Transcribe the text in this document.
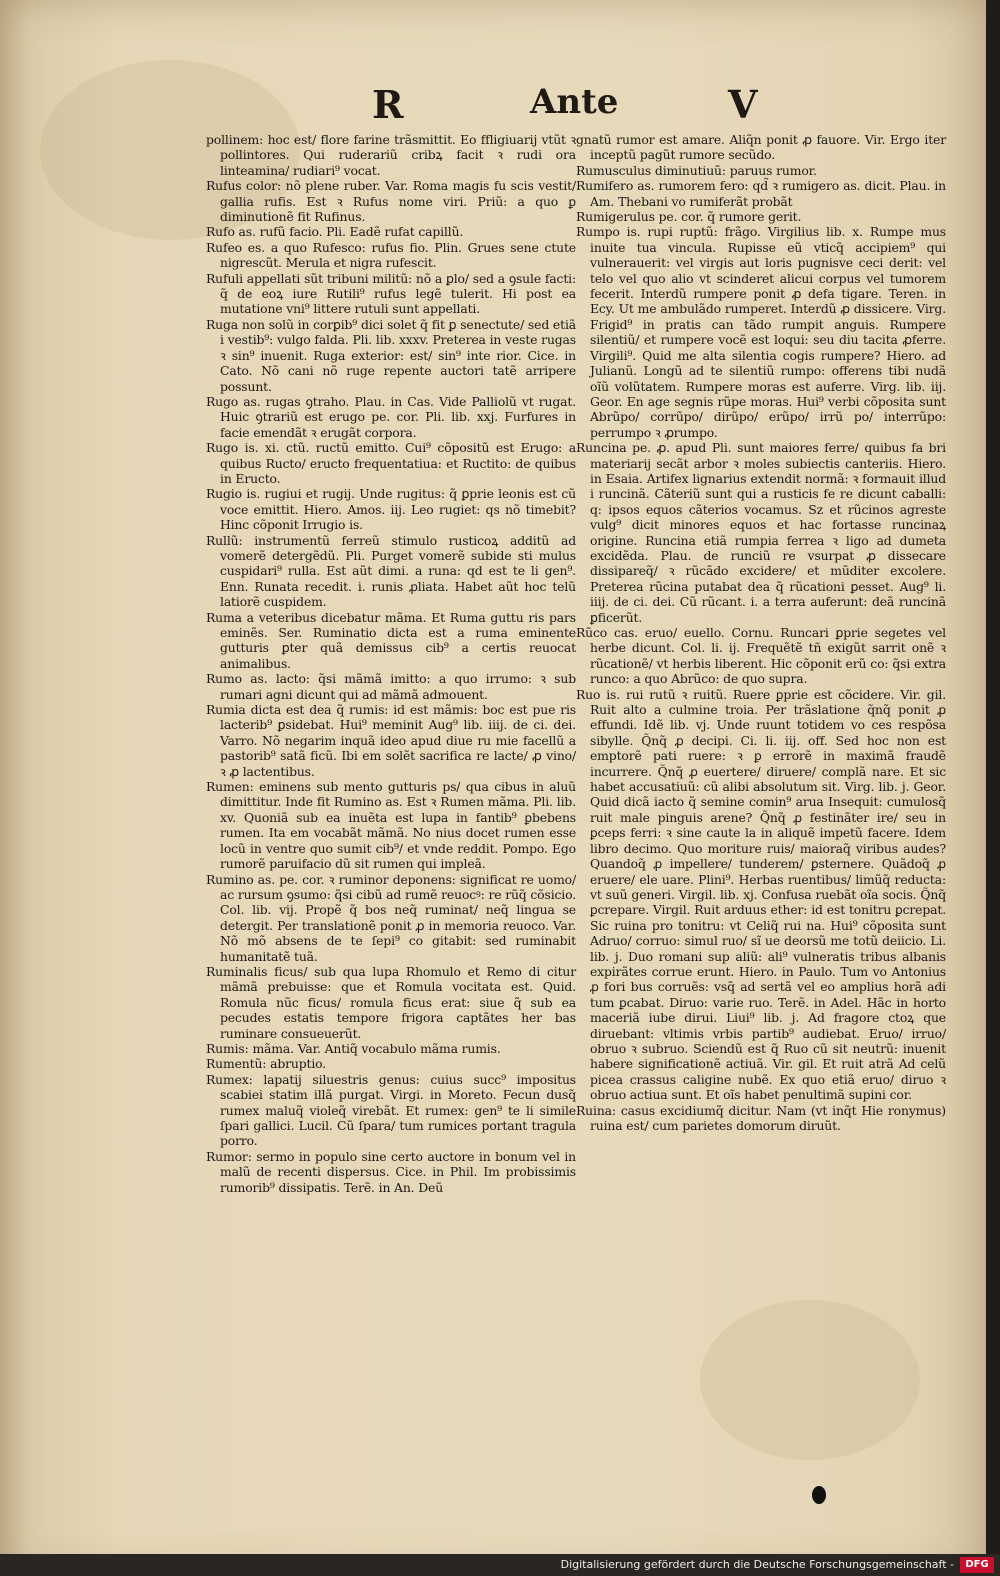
R	Ante	V

pollinem: hoc est/ flore farine trãsmittit. Eo ffligiuarij vtũt ꝛ pollintores. Qui ruderariũ cribꝝ facit ꝛ rudi ora linteamina/ rudiari⁹ vocat.

Rufus color: nõ plene ruber. Var. Roma magis fu scis vestit/ gallia rufis. Est ꝛ Rufus nome viri. Priũ: a quo ꝑ diminutionẽ fit Rufinus.

Rufo as. rufũ facio. Pli. Eadẽ rufat capillũ.

Rufeo es. a quo Rufesco: rufus fio. Plin. Grues sene ctute nigrescũt. Merula et nigra rufescit.

Rufuli appellati sũt tribuni militũ: nõ a ꝑlo/ sed a ꝯsule facti: q̃ de eoꝝ iure Rutili⁹ rufus legẽ tulerit. Hi post ea mutatione vni⁹ littere rutuli sunt appellati.

Ruga non solũ in corꝑib⁹ dici solet q̃ fit ꝑ senectute/ sed etiã i vestib⁹: vulgo falda. Pli. lib. xxxv. Preterea in veste rugas ꝛ sin⁹ inuenit. Ruga exterior: est/ sin⁹ inte rior. Cice. in Cato. Nõ cani nõ ruge repente auctori tatẽ arripere possunt.

Rugo as. rugas ꝯtraho. Plau. in Cas. Vide Palliolũ vt rugat. Huic ꝯtrariũ est erugo pe. cor. Pli. lib. xxj. Furfures in facie emendãt ꝛ erugãt corpora.

Rugo is. xi. ctũ. ructũ emitto. Cui⁹ cõpositũ est Erugo: a quibus Ructo/ eructo frequentatiua: et Ructito: de quibus in Eructo.

Rugio is. rugiui et rugij. Unde rugitus: q̃ ꝑprie leonis est cũ voce emittit. Hiero. Amos. iij. Leo rugiet: qs nõ timebit? Hinc cõponit Irrugio is.

Rullũ: instrumentũ ferreũ stimulo rusticoꝝ additũ ad vomerẽ detergẽdũ. Pli. Purget vomerẽ subide sti mulus cuspidari⁹ rulla. Est aũt dimi. a runa: qd est te li gen⁹. Enn. Runata recedit. i. runis ꝓliata. Habet aũt hoc telũ latiorẽ cuspidem.

Ruma a veteribus dicebatur mãma. Et Ruma guttu ris pars eminẽs. Ser. Ruminatio dicta est a ruma eminente gutturis ꝑter quã demissus cib⁹ a certis reuocat animalibus.

Rumo as. lacto: q̃si mãmã imitto: a quo irrumo: ꝛ sub rumari agni dicunt qui ad mãmã admouent.

Rumia dicta est dea q̃ rumis: id est mãmis: boc est pue ris lacterib⁹ ꝑsidebat. Hui⁹ meminit Aug⁹ lib. iiij. de ci. dei. Varro. Nõ negarim inquã ideo apud diue ru mie facellũ a pastorib⁹ satã ficũ. Ibi em solẽt sacrifica re lacte/ ꝓ vino/ ꝛ ꝓ lactentibus.

Rumen: eminens sub mento gutturis ps/ qua cibus in aluũ dimittitur. Inde fit Rumino as. Est ꝛ Rumen mãma. Pli. lib. xv. Quoniã sub ea inuẽta est lupa in fantib⁹ ꝑbebens rumen. Ita em vocabãt mãmã. No nius docet rumen esse locũ in ventre quo sumit cib⁹/ et vnde reddit. Pompo. Ego rumorẽ paruifacio dũ sit rumen qui impleã.

Rumino as. pe. cor. ꝛ ruminor deponens: significat re uomo/ ac rursum ꝯsumo: q̃si cibũ ad rumẽ reuocꝰ: re rũq̃ cõsicio. Col. lib. vij. Propẽ q̃ bos neq̃ ruminat/ neq̃ lingua se detergit. Per translationẽ ponit ꝓ in memoria reuoco. Var. Nõ mõ absens de te ſepi⁹ co gitabit: sed ruminabit humanitatẽ tuã.

Ruminalis ficus/ sub qua lupa Rhomulo et Remo di citur mãmã prebuisse: que et Romula vocitata est. Quid. Romula nũc ficus/ romula ficus erat: siue q̃ sub ea pecudes estatis tempore frigora captãtes her bas ruminare consueuerũt.

Rumis: mãma. Var. Antiq̃ vocabulo mãma rumis.

Rumentũ: abruptio.

Rumex: lapatij siluestris genus: cuius succ⁹ impositus scabiei statim illã purgat. Virgi. in Moreto. Fecun dusq̃ rumex maluq̃ violeq̃ virebãt. Et rumex: gen⁹ te li simile ſpari gallici. Lucil. Cũ ſpara/ tum rumices portant tragula porro.

Rumor: sermo in populo sine certo auctore in bonum vel in malũ de recenti dispersus. Cice. in Phil. Im probissimis rumorib⁹ dissipatis. Terẽ. in An. Deũ

gnatũ rumor est amare. Aliq̃n ponit ꝓ fauore. Vir. Ergo iter inceptũ pagũt rumore secũdo.

Rumusculus diminutiuũ: paruus rumor.

Rumifero as. rumorem fero: qd̃ ꝛ rumigero as. dicit. Plau. in Am. Thebani vo rumiferãt probãt

Rumigerulus pe. cor. q̃ rumore gerit.

Rumpo is. rupi ruptũ: frãgo. Virgilius lib. x. Rumpe mus inuite tua vincula. Rupisse eũ vticq̃ accipiem⁹ qui vulnerauerit: vel virgis aut loris pugnisve ceci derit: vel telo vel quo alio vt scinderet alicui corpus vel tumorem fecerit. Interdũ rumpere ponit ꝓ defa tigare. Teren. in Ecy. Ut me ambulãdo rumperet. Interdũ ꝓ dissicere. Virg. Frigid⁹ in pratis can tãdo rumpit anguis. Rumpere silentiũ/ et rumpere vocẽ est loqui: seu diu tacita ꝓferre. Virgili⁹. Quid me alta silentia cogis rumpere? Hiero. ad Julianũ. Longũ ad te silentiũ rumpo: offerens tibi nudã oĩũ volũtatem. Rumpere moras est auferre. Virg. lib. iij. Geor. En age segnis rũpe moras. Hui⁹ verbi cõposita sunt Abrũpo/ corrũpo/ dirũpo/ erũpo/ irrũ po/ interrũpo: perrumpo ꝛ ꝓrumpo.

Runcina pe. ꝓ. apud Pli. sunt maiores ferre/ quibus fa bri materiarij secãt arbor ꝛ moles subiectis canteriis. Hiero. in Esaia. Artifex lignarius extendit normã: ꝛ formauit illud i runcinã. Cãteriũ sunt qui a rusticis fe re dicunt caballi: q: ipsos equos cãterios vocamus. Sz et rũcinos agreste vulg⁹ dicit minores equos et hac fortasse runcinaꝝ origine. Runcina etiã rumpia ferrea ꝛ ligo ad dumeta excidẽda. Plau. de runciũ re vsurpat ꝓ dissecare dissipareq̃/ ꝛ rũcãdo excidere/ et mũditer excolere. Preterea rũcina putabat dea q̃ rũcationi ꝑesset. Aug⁹ li. iiij. de ci. dei. Cũ rũcant. i. a terra auferunt: deã runcinã ꝑficerũt.

Rũco cas. eruo/ euello. Cornu. Runcari ꝑprie segetes vel herbe dicunt. Col. li. ij. Frequẽtẽ tñ exigũt sarrit onẽ ꝛ rũcationẽ/ vt herbis liberent. Hic cõponit erũ co: q̃si extra runco: a quo Abrũco: de quo supra.

Ruo is. rui rutũ ꝛ ruitũ. Ruere ꝑprie est cõcidere. Vir. gil. Ruit alto a culmine troia. Per trãslatione q̃nq̃ ponit ꝓ effundi. Idẽ lib. vj. Unde ruunt totidem vo ces respõsa sibylle. Q̃nq̃ ꝓ decipi. Ci. li. iij. off. Sed hoc non est emptorẽ pati ruere: ꝛ ꝑ errorẽ in maximã fraudẽ incurrere. Q̃nq̃ ꝓ euertere/ diruere/ complã nare. Et sic habet accusatiuũ: cũ alibi absolutum sit. Virg. lib. j. Geor. Quid dicã iacto q̃ semine comin⁹ arua Insequit: cumulosq̃ ruit male pinguis arene? Q̃nq̃ ꝓ festinãter ire/ seu in ꝑceps ferri: ꝛ sine caute la in aliquẽ impetũ facere. Idem libro decimo. Quo moriture ruis/ maioraq̃ viribus audes? Quandoq̃ ꝓ impellere/ tunderem/ ꝑsternere. Quãdoq̃ ꝓ eruere/ ele uare. Plini⁹. Herbas ruentibus/ limũq̃ reducta: vt suũ generi. Virgil. lib. xj. Confusa ruebãt oĩa socis. Q̃nq̃ ꝑcrepare. Virgil. Ruit arduus ether: id est tonitru ꝑcrepat. Sic ruina pro tonitru: vt Celiq̃ rui na. Hui⁹ cõposita sunt Adruo/ corruo: simul ruo/ sĩ ue deorsũ me totũ deiicio. Li. lib. j. Duo romani sup aliũ: ali⁹ vulneratis tribus albanis expirãtes corrue erunt. Hiero. in Paulo. Tum vo Antonius ꝓ fori bus corruẽs: vsq̃ ad sertã vel eo amplius horã adi tum ꝑcabat. Diruo: varie ruo. Terẽ. in Adel. Hãc in horto maceriã iube dirui. Liui⁹ lib. j. Ad fragore ctoꝝ que diruebant: vltimis vrbis partib⁹ audiebat. Eruo/ irruo/ obruo ꝛ subruo. Sciendũ est q̃ Ruo cũ sit neutrũ: inuenit habere significationẽ actiuã. Vir. gil. Et ruit atrã Ad celũ picea crassus caligine nubẽ. Ex quo etiã eruo/ diruo ꝛ obruo actiua sunt. Et oĩs habet penultimã supini cor.

Ruina: casus excidiumq̃ dicitur. Nam (vt inq̃t Hie ronymus) ruina est/ cum parietes domorum diruũt.

Digitalisierung gefördert durch die Deutsche Forschungsgemeinschaft -	DFG
